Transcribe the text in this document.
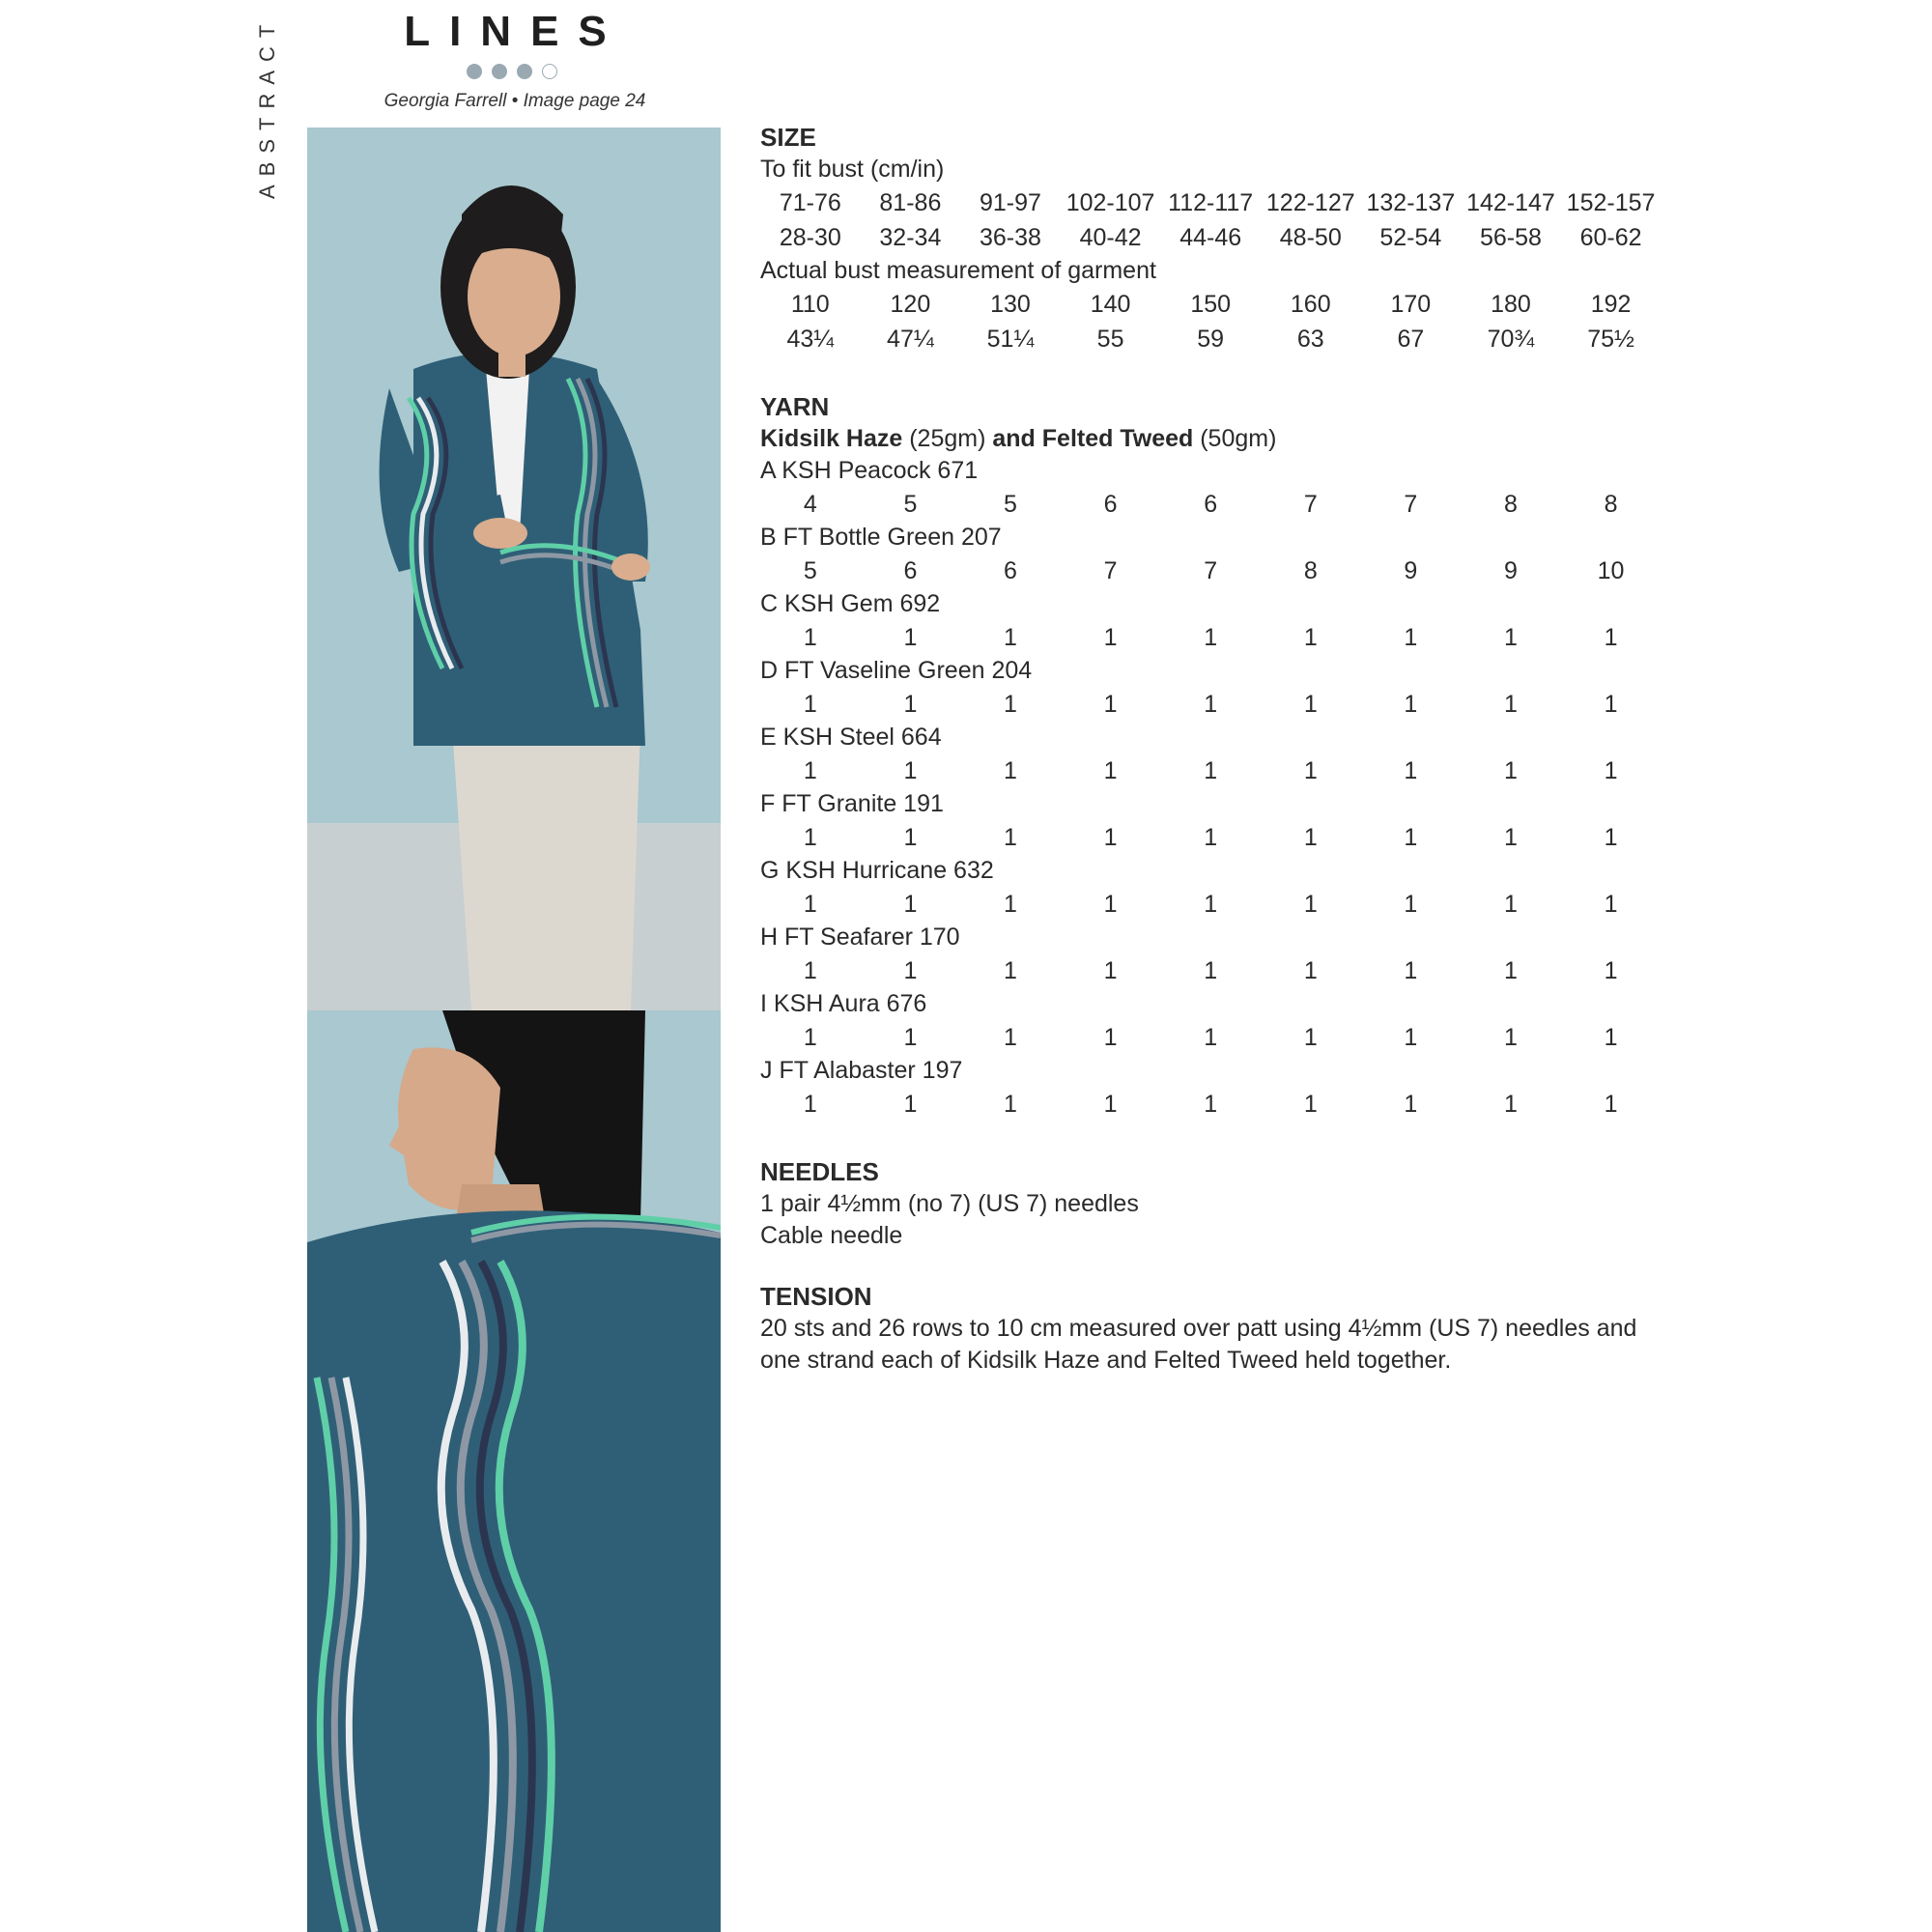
ABSTRACT	LINES
Georgia Farrell • Image page 24
SIZE
To fit bust (cm/in)
71-76	81-86	91-97	102-107 112-117 122-127 132-137 142-147 152-157
28-30	32-34	36-38	40-42	44-46	48-50	52-54	56-58	60-62
Actual bust measurement of garment
110	120	130	140	150	160	170	180	192
43¼	47¼	51¼	55	59	63	67	70¾	75½
YARN
Kidsilk Haze (25gm) and Felted Tweed (50gm)
A KSH Peacock 671
4	5	5	6	6	7	7	8	8
B FT Bottle Green 207
5	6	6	7	7	8	9	9	10
C KSH Gem 692
1	1	1	1	1	1	1	1	1
D FT Vaseline Green 204
1	1	1	1	1	1	1	1	1
E KSH Steel 664
1	1	1	1	1	1	1	1	1
F FT Granite 191
1	1	1	1	1	1	1	1	1
G KSH Hurricane 632
1	1	1	1	1	1	1	1	1
H FT Seafarer 170
1	1	1	1	1	1	1	1	1
I KSH Aura 676
1	1	1	1	1	1	1	1	1
J FT Alabaster 197
1	1	1	1	1	1	1	1	1
NEEDLES
1 pair 4½mm (no 7) (US 7) needles
Cable needle
TENSION
20 sts and 26 rows to 10 cm measured over patt using 4½mm (US 7) needles and
one strand each of Kidsilk Haze and Felted Tweed held together.
